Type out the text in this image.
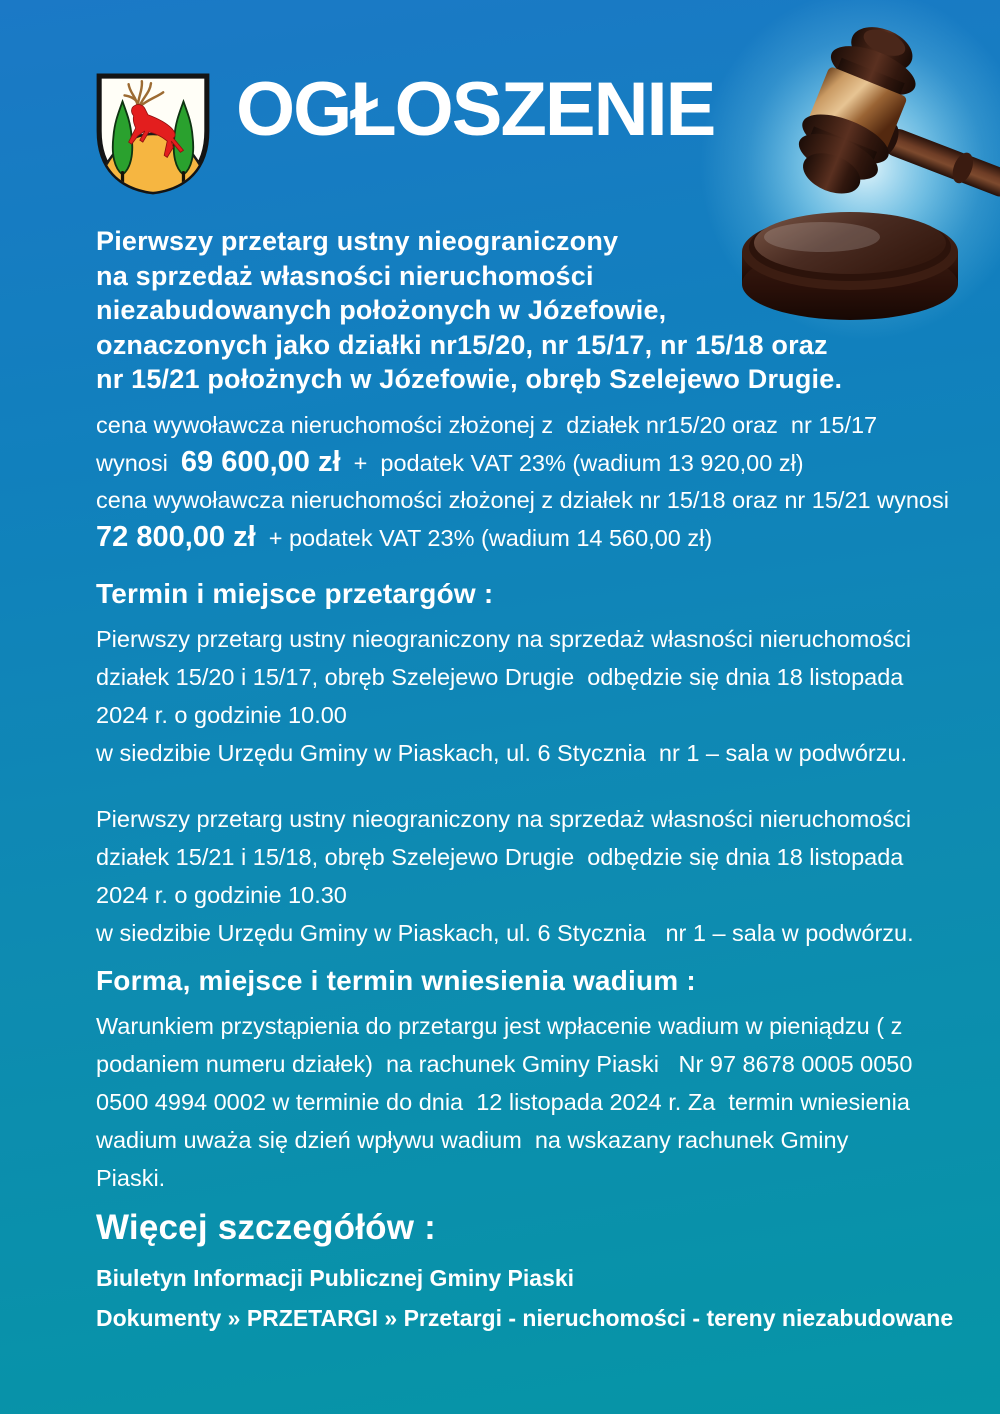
OGŁOSZENIE
Pierwszy przetarg ustny nieograniczony
na sprzedaż własności nieruchomości
niezabudowanych położonych w Józefowie,
oznaczonych jako działki nr15/20, nr 15/17, nr 15/18 oraz
nr 15/21 położnych w Józefowie, obręb Szelejewo Drugie.
cena wywoławcza nieruchomości złożonej z  działek nr15/20 oraz  nr 15/17
wynosi  69 600,00 zł  +  podatek VAT 23% (wadium 13 920,00 zł)
cena wywoławcza nieruchomości złożonej z działek nr 15/18 oraz nr 15/21 wynosi
72 800,00 zł  + podatek VAT 23% (wadium 14 560,00 zł)
Termin i miejsce przetargów :
Pierwszy przetarg ustny nieograniczony na sprzedaż własności nieruchomości
działek 15/20 i 15/17, obręb Szelejewo Drugie  odbędzie się dnia 18 listopada
2024 r. o godzinie 10.00
w siedzibie Urzędu Gminy w Piaskach, ul. 6 Stycznia  nr 1 – sala w podwórzu.
Pierwszy przetarg ustny nieograniczony na sprzedaż własności nieruchomości
działek 15/21 i 15/18, obręb Szelejewo Drugie  odbędzie się dnia 18 listopada
2024 r. o godzinie 10.30
w siedzibie Urzędu Gminy w Piaskach, ul. 6 Stycznia   nr 1 – sala w podwórzu.
Forma, miejsce i termin wniesienia wadium :
Warunkiem przystąpienia do przetargu jest wpłacenie wadium w pieniądzu ( z
podaniem numeru działek)  na rachunek Gminy Piaski   Nr 97 8678 0005 0050
0500 4994 0002 w terminie do dnia  12 listopada 2024 r. Za  termin wniesienia
wadium uważa się dzień wpływu wadium  na wskazany rachunek Gminy
Piaski.
Więcej szczegółów :
Biuletyn Informacji Publicznej Gminy Piaski
Dokumenty » PRZETARGI » Przetargi - nieruchomości - tereny niezabudowane
